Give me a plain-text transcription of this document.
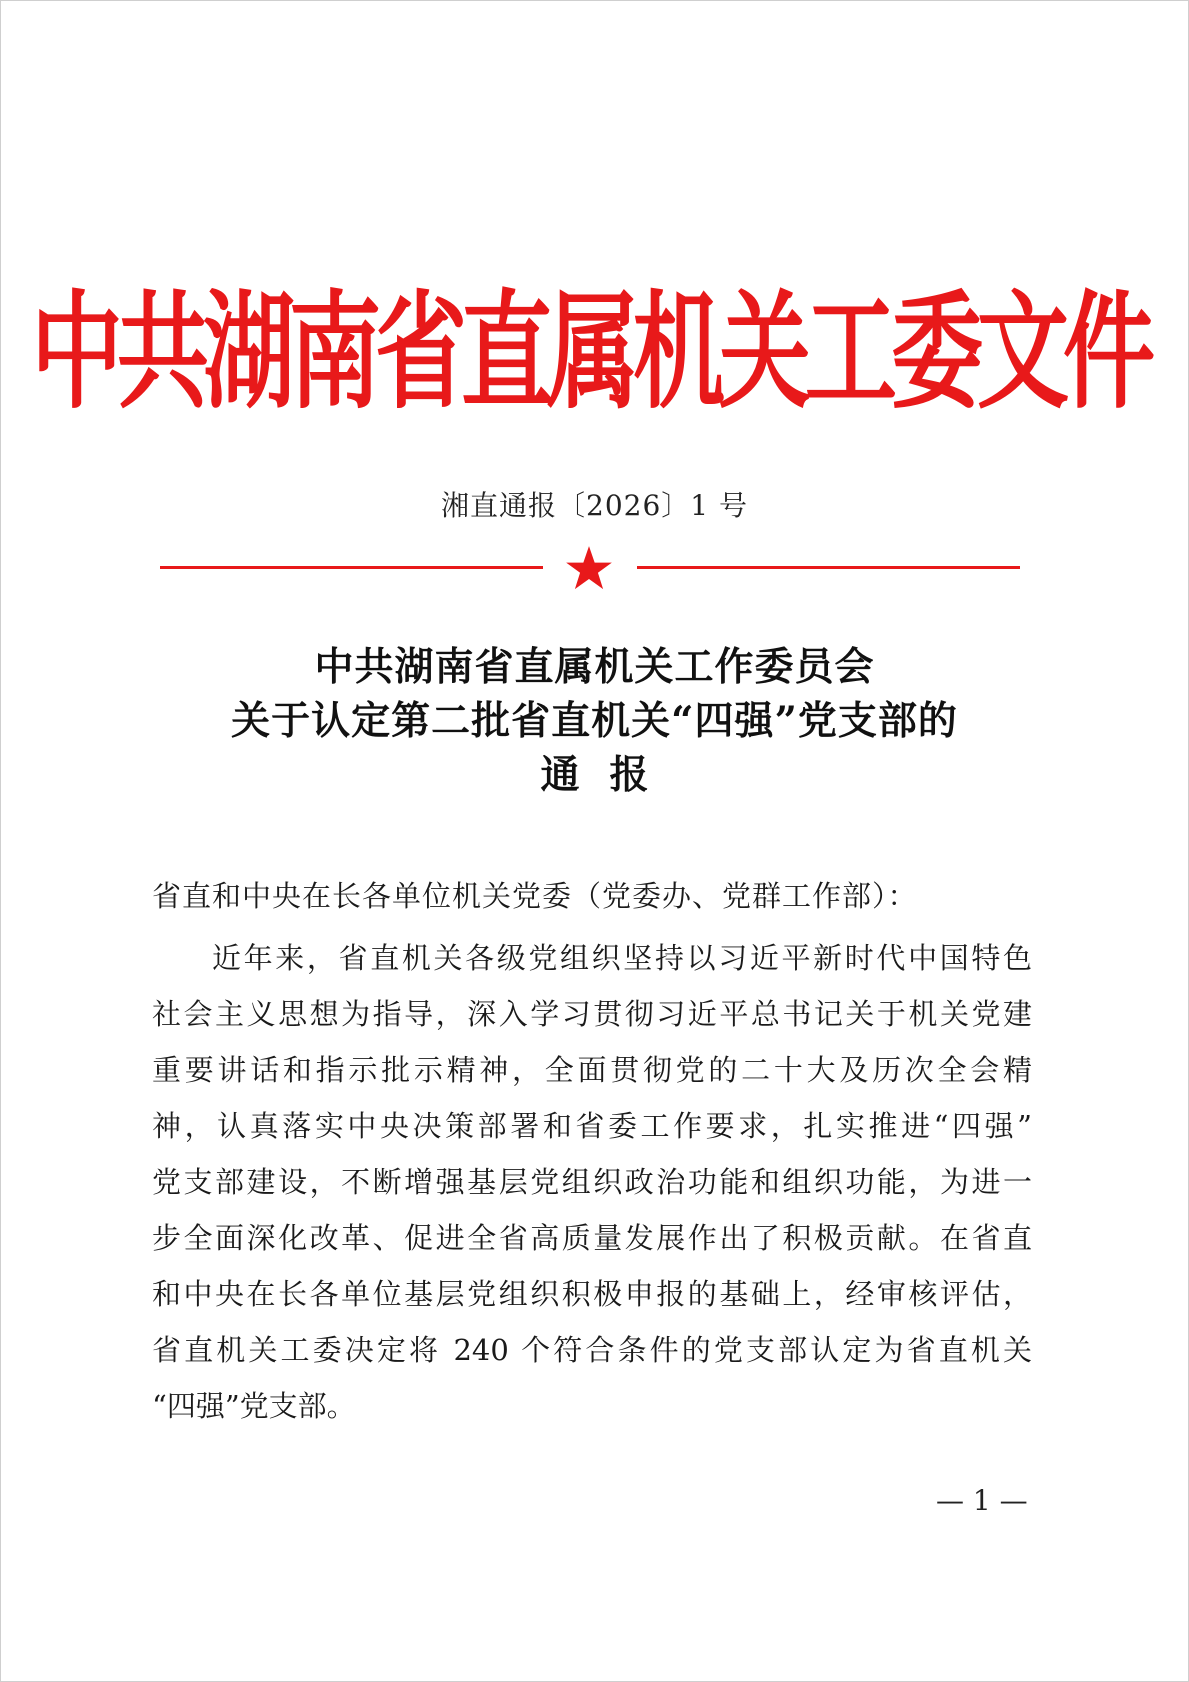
中共湖南省直属机关工委文件
湘直通报〔2026〕1 号
中共湖南省直属机关工作委员会
关于认定第二批省直机关“四强”党支部的
通报
省直和中央在长各单位机关党委（党委办、党群工作部）：
近年来，省直机关各级党组织坚持以习近平新时代中国特色
社会主义思想为指导，深入学习贯彻习近平总书记关于机关党建
重要讲话和指示批示精神，全面贯彻党的二十大及历次全会精
神，认真落实中央决策部署和省委工作要求，扎实推进“四强”
党支部建设，不断增强基层党组织政治功能和组织功能，为进一
步全面深化改革、促进全省高质量发展作出了积极贡献。在省直
和中央在长各单位基层党组织积极申报的基础上，经审核评估，
省直机关工委决定将 240 个符合条件的党支部认定为省直机关
“四强”党支部。
— 1 —
